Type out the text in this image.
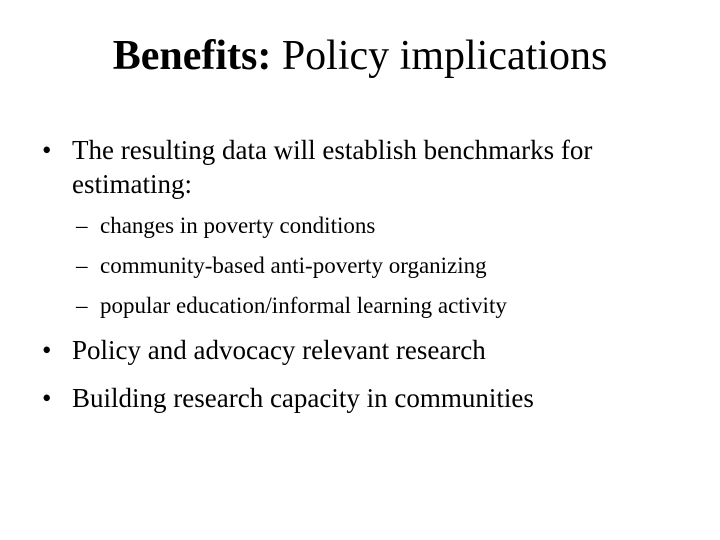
Benefits: Policy implications
• The resulting data will establish benchmarks for estimating:
– changes in poverty conditions
– community-based anti-poverty organizing
– popular education/informal learning activity
• Policy and advocacy relevant research
• Building research capacity in communities
